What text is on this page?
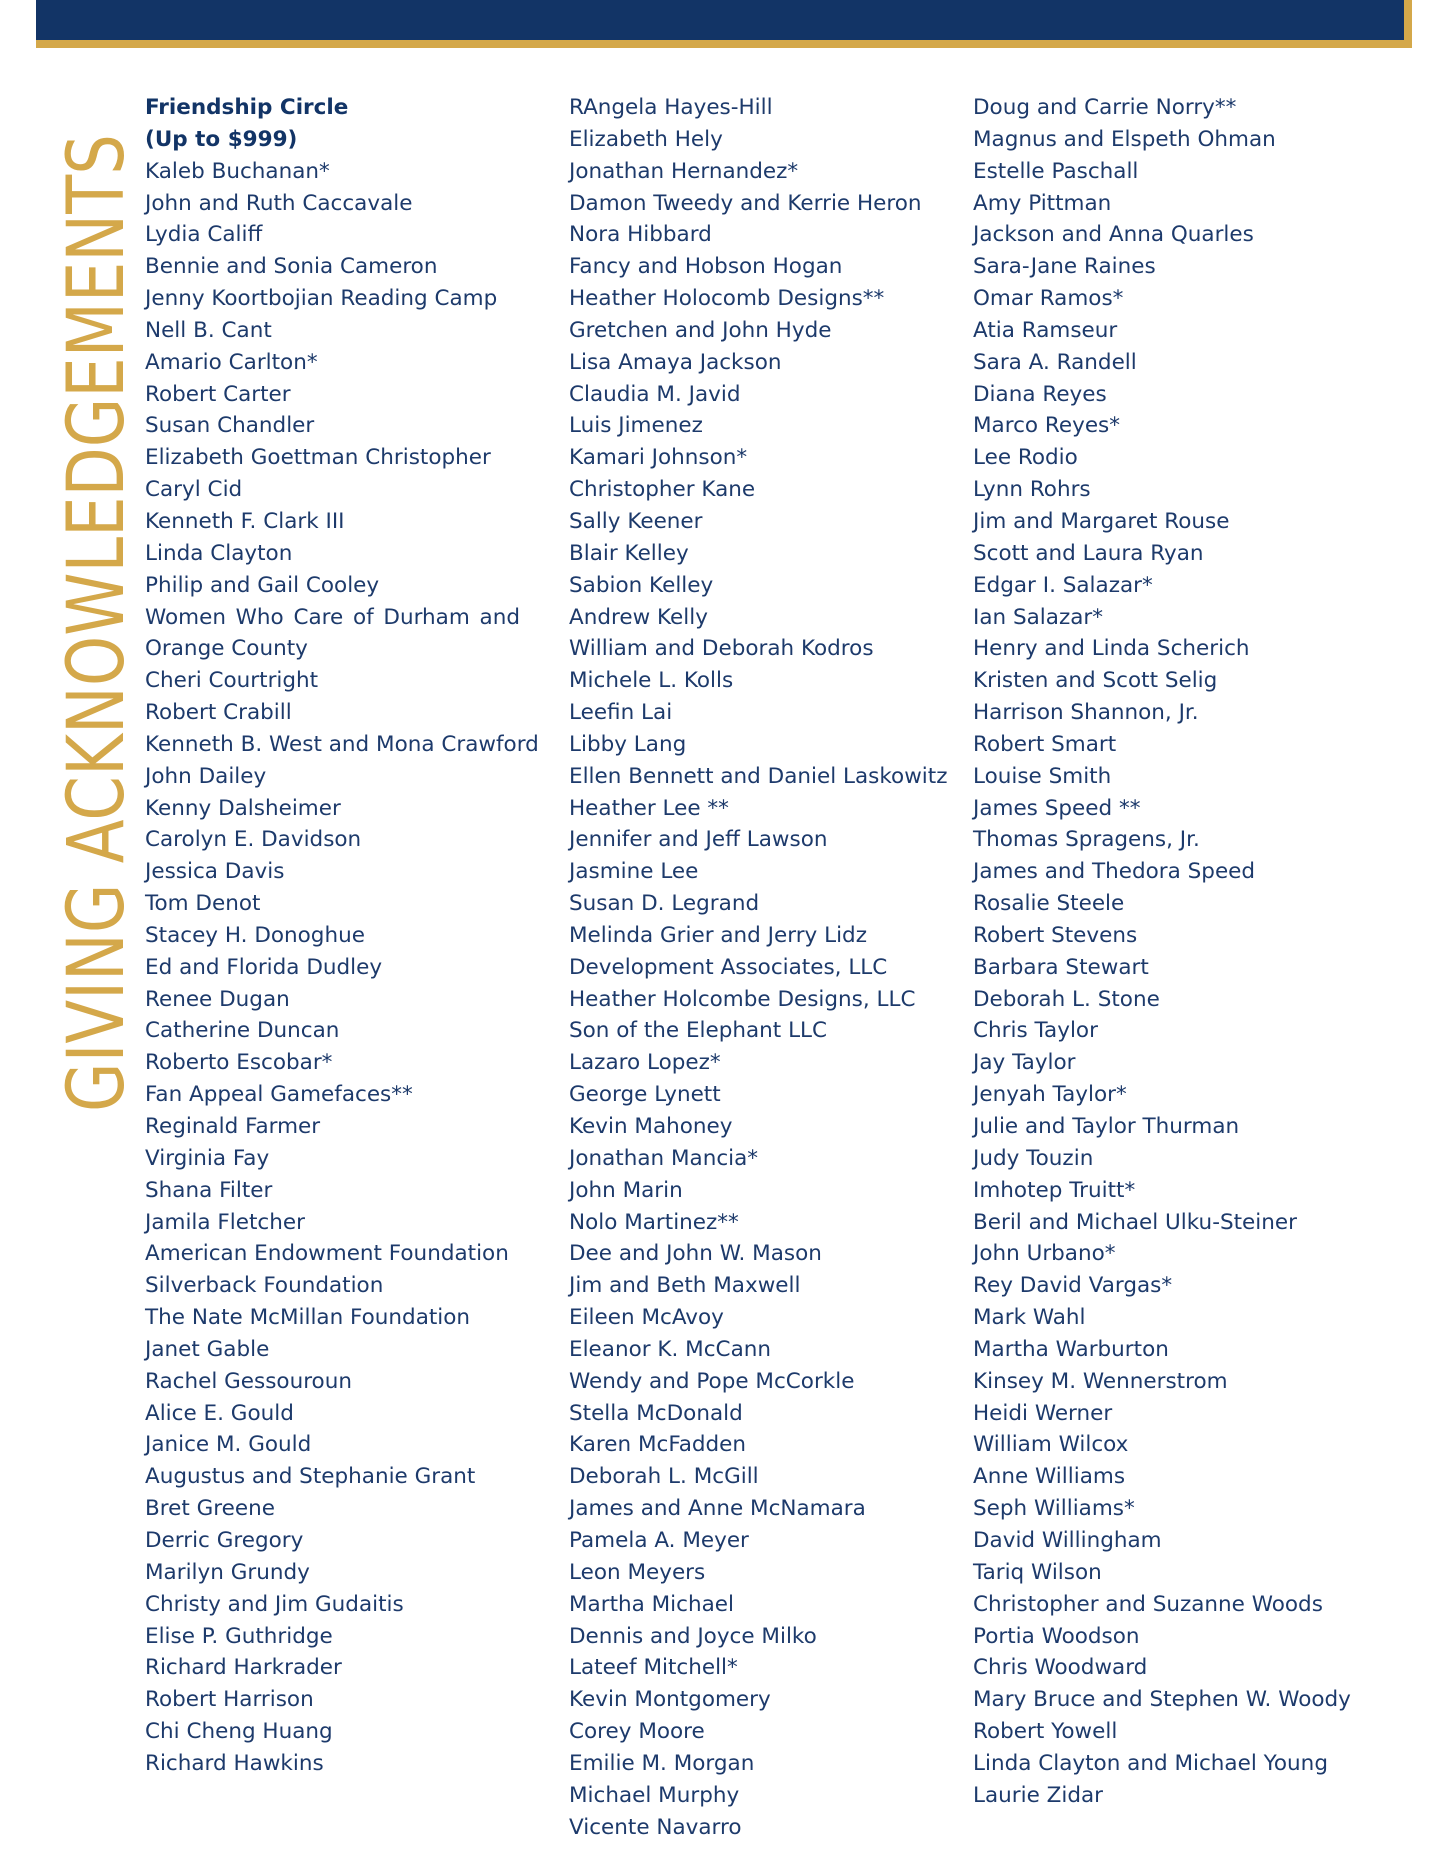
GIVING ACKNOWLEDGEMENTS
Friendship Circle
(Up to $999)
Kaleb Buchanan*
John and Ruth Caccavale
Lydia Califf
Bennie and Sonia Cameron
Jenny Koortbojian Reading Camp
Nell B. Cant
Amario Carlton*
Robert Carter
Susan Chandler
Elizabeth Goettman Christopher
Caryl Cid
Kenneth F. Clark III
Linda Clayton
Philip and Gail Cooley
Women Who Care of Durham and
Orange County
Cheri Courtright
Robert Crabill
Kenneth B. West and Mona Crawford
John Dailey
Kenny Dalsheimer
Carolyn E. Davidson
Jessica Davis
Tom Denot
Stacey H. Donoghue
Ed and Florida Dudley
Renee Dugan
Catherine Duncan
Roberto Escobar*
Fan Appeal Gamefaces**
Reginald Farmer
Virginia Fay
Shana Filter
Jamila Fletcher
American Endowment Foundation
Silverback Foundation
The Nate McMillan Foundation
Janet Gable
Rachel Gessouroun
Alice E. Gould
Janice M. Gould
Augustus and Stephanie Grant
Bret Greene
Derric Gregory
Marilyn Grundy
Christy and Jim Gudaitis
Elise P. Guthridge
Richard Harkrader
Robert Harrison
Chi Cheng Huang
Richard Hawkins
RAngela Hayes-Hill
Elizabeth Hely
Jonathan Hernandez*
Damon Tweedy and Kerrie Heron
Nora Hibbard
Fancy and Hobson Hogan
Heather Holocomb Designs**
Gretchen and John Hyde
Lisa Amaya Jackson
Claudia M. Javid
Luis Jimenez
Kamari Johnson*
Christopher Kane
Sally Keener
Blair Kelley
Sabion Kelley
Andrew Kelly
William and Deborah Kodros
Michele L. Kolls
Leefin Lai
Libby Lang
Ellen Bennett and Daniel Laskowitz
Heather Lee **
Jennifer and Jeff Lawson
Jasmine Lee
Susan D. Legrand
Melinda Grier and Jerry Lidz
Development Associates, LLC
Heather Holcombe Designs, LLC
Son of the Elephant LLC
Lazaro Lopez*
George Lynett
Kevin Mahoney
Jonathan Mancia*
John Marin
Nolo Martinez**
Dee and John W. Mason
Jim and Beth Maxwell
Eileen McAvoy
Eleanor K. McCann
Wendy and Pope McCorkle
Stella McDonald
Karen McFadden
Deborah L. McGill
James and Anne McNamara
Pamela A. Meyer
Leon Meyers
Martha Michael
Dennis and Joyce Milko
Lateef Mitchell*
Kevin Montgomery
Corey Moore
Emilie M. Morgan
Michael Murphy
Vicente Navarro
Doug and Carrie Norry**
Magnus and Elspeth Ohman
Estelle Paschall
Amy Pittman
Jackson and Anna Quarles
Sara-Jane Raines
Omar Ramos*
Atia Ramseur
Sara A. Randell
Diana Reyes
Marco Reyes*
Lee Rodio
Lynn Rohrs
Jim and Margaret Rouse
Scott and Laura Ryan
Edgar I. Salazar*
Ian Salazar*
Henry and Linda Scherich
Kristen and Scott Selig
Harrison Shannon, Jr.
Robert Smart
Louise Smith
James Speed **
Thomas Spragens, Jr.
James and Thedora Speed
Rosalie Steele
Robert Stevens
Barbara Stewart
Deborah L. Stone
Chris Taylor
Jay Taylor
Jenyah Taylor*
Julie and Taylor Thurman
Judy Touzin
Imhotep Truitt*
Beril and Michael Ulku-Steiner
John Urbano*
Rey David Vargas*
Mark Wahl
Martha Warburton
Kinsey M. Wennerstrom
Heidi Werner
William Wilcox
Anne Williams
Seph Williams*
David Willingham
Tariq Wilson
Christopher and Suzanne Woods
Portia Woodson
Chris Woodward
Mary Bruce and Stephen W. Woody
Robert Yowell
Linda Clayton and Michael Young
Laurie Zidar
